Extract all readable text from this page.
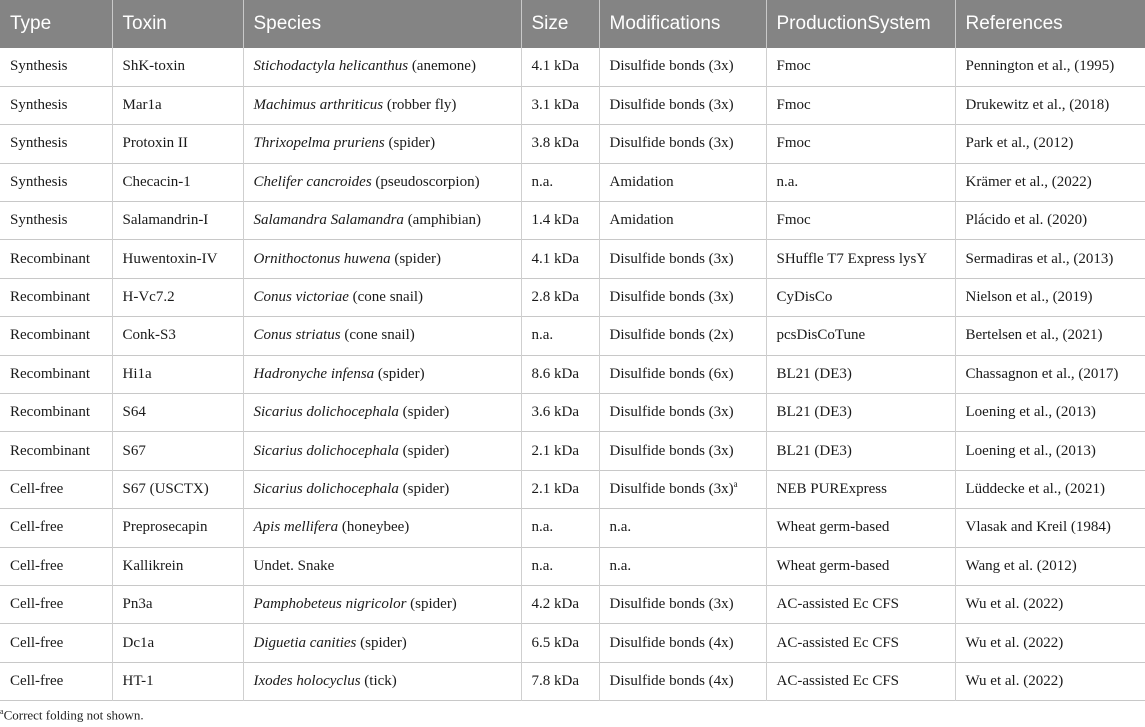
Type	Toxin	Species	Size	Modifications	ProductionSystem	References
Synthesis	ShK-toxin	Stichodactyla helicanthus (anemone)	4.1 kDa	Disulfide bonds (3x)	Fmoc	Pennington et al., (1995)
Synthesis	Mar1a	Machimus arthriticus (robber fly)	3.1 kDa	Disulfide bonds (3x)	Fmoc	Drukewitz et al., (2018)
Synthesis	Protoxin II	Thrixopelma pruriens (spider)	3.8 kDa	Disulfide bonds (3x)	Fmoc	Park et al., (2012)
Synthesis	Checacin-1	Chelifer cancroides (pseudoscorpion)	n.a.	Amidation	n.a.	Krämer et al., (2022)
Synthesis	Salamandrin-I	Salamandra Salamandra (amphibian)	1.4 kDa	Amidation	Fmoc	Plácido et al. (2020)
Recombinant	Huwentoxin-IV	Ornithoctonus huwena (spider)	4.1 kDa	Disulfide bonds (3x)	SHuffle T7 Express lysY	Sermadiras et al., (2013)
Recombinant	H-Vc7.2	Conus victoriae (cone snail)	2.8 kDa	Disulfide bonds (3x)	CyDisCo	Nielson et al., (2019)
Recombinant	Conk-S3	Conus striatus (cone snail)	n.a.	Disulfide bonds (2x)	pcsDisCoTune	Bertelsen et al., (2021)
Recombinant	Hi1a	Hadronyche infensa (spider)	8.6 kDa	Disulfide bonds (6x)	BL21 (DE3)	Chassagnon et al., (2017)
Recombinant	S64	Sicarius dolichocephala (spider)	3.6 kDa	Disulfide bonds (3x)	BL21 (DE3)	Loening et al., (2013)
Recombinant	S67	Sicarius dolichocephala (spider)	2.1 kDa	Disulfide bonds (3x)	BL21 (DE3)	Loening et al., (2013)
Cell-free	S67 (USCTX)	Sicarius dolichocephala (spider)	2.1 kDa	Disulfide bonds (3x)$^a$	NEB PURExpress	Lüddecke et al., (2021)
Cell-free	Preprosecapin	Apis mellifera (honeybee)	n.a.	n.a.	Wheat germ-based	Vlasak and Kreil (1984)
Cell-free	Kallikrein	Undet. Snake	n.a.	n.a.	Wheat germ-based	Wang et al. (2012)
Cell-free	Pn3a	Pamphobeteus nigricolor (spider)	4.2 kDa	Disulfide bonds (3x)	AC-assisted Ec CFS	Wu et al. (2022)
Cell-free	Dc1a	Diguetia canities (spider)	6.5 kDa	Disulfide bonds (4x)	AC-assisted Ec CFS	Wu et al. (2022)
Cell-free	HT-1	Ixodes holocyclus (tick)	7.8 kDa	Disulfide bonds (4x)	AC-assisted Ec CFS	Wu et al. (2022)
$^a$Correct folding not shown.
